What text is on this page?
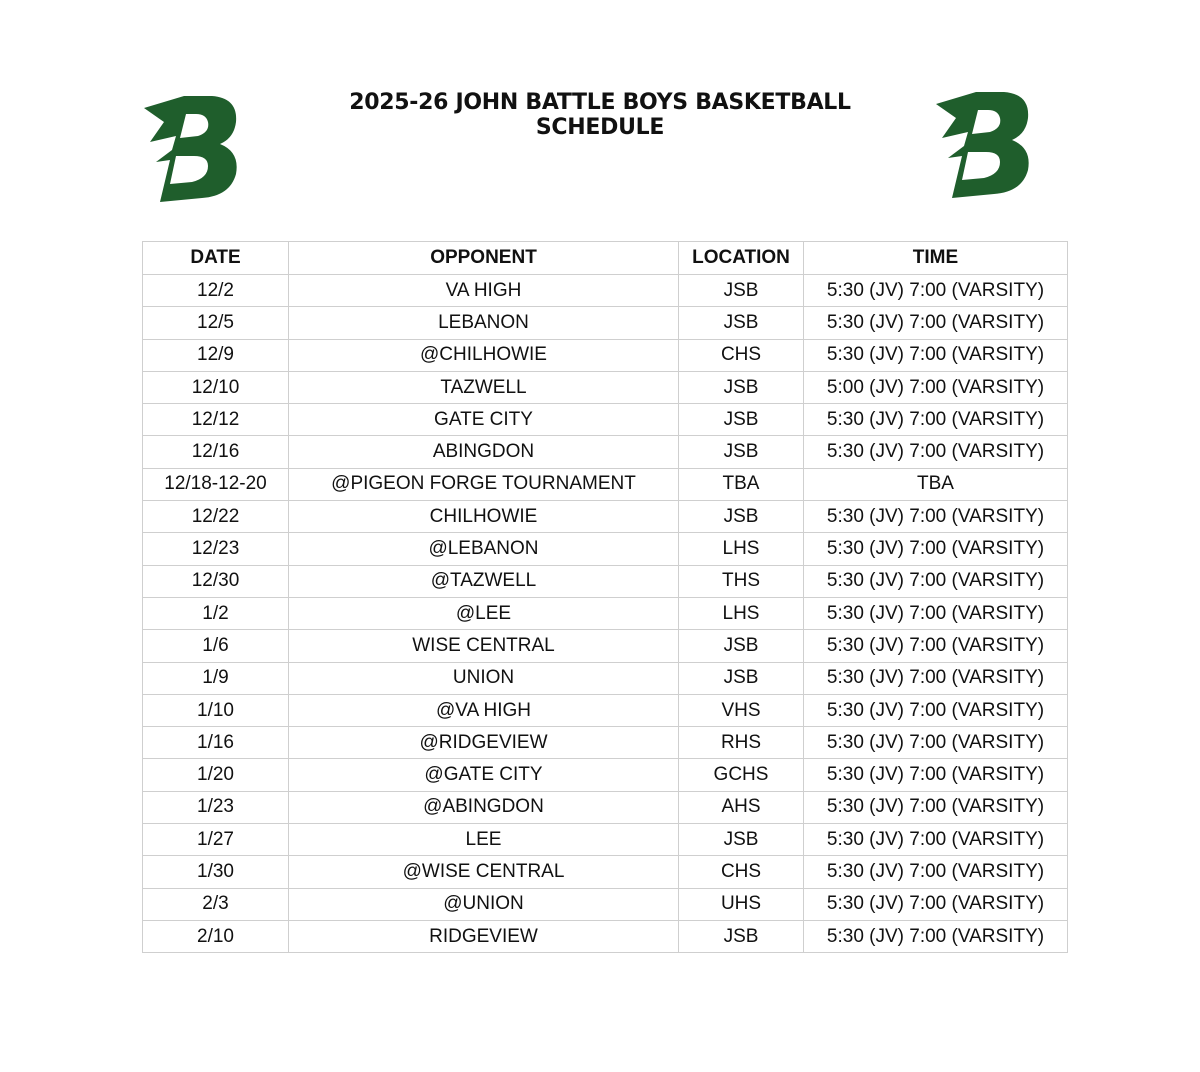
2025-26 JOHN BATTLE BOYS BASKETBALL SCHEDULE
DATE	OPPONENT	LOCATION	TIME
12/2	VA HIGH	JSB	5:30 (JV) 7:00 (VARSITY)
12/5	LEBANON	JSB	5:30 (JV) 7:00 (VARSITY)
12/9	@CHILHOWIE	CHS	5:30 (JV) 7:00 (VARSITY)
12/10	TAZWELL	JSB	5:00 (JV) 7:00 (VARSITY)
12/12	GATE CITY	JSB	5:30 (JV) 7:00 (VARSITY)
12/16	ABINGDON	JSB	5:30 (JV) 7:00 (VARSITY)
12/18-12-20	@PIGEON FORGE TOURNAMENT	TBA	TBA
12/22	CHILHOWIE	JSB	5:30 (JV) 7:00 (VARSITY)
12/23	@LEBANON	LHS	5:30 (JV) 7:00 (VARSITY)
12/30	@TAZWELL	THS	5:30 (JV) 7:00 (VARSITY)
1/2	@LEE	LHS	5:30 (JV) 7:00 (VARSITY)
1/6	WISE CENTRAL	JSB	5:30 (JV) 7:00 (VARSITY)
1/9	UNION	JSB	5:30 (JV) 7:00 (VARSITY)
1/10	@VA HIGH	VHS	5:30 (JV) 7:00 (VARSITY)
1/16	@RIDGEVIEW	RHS	5:30 (JV) 7:00 (VARSITY)
1/20	@GATE CITY	GCHS	5:30 (JV) 7:00 (VARSITY)
1/23	@ABINGDON	AHS	5:30 (JV) 7:00 (VARSITY)
1/27	LEE	JSB	5:30 (JV) 7:00 (VARSITY)
1/30	@WISE CENTRAL	CHS	5:30 (JV) 7:00 (VARSITY)
2/3	@UNION	UHS	5:30 (JV) 7:00 (VARSITY)
2/10	RIDGEVIEW	JSB	5:30 (JV) 7:00 (VARSITY)
